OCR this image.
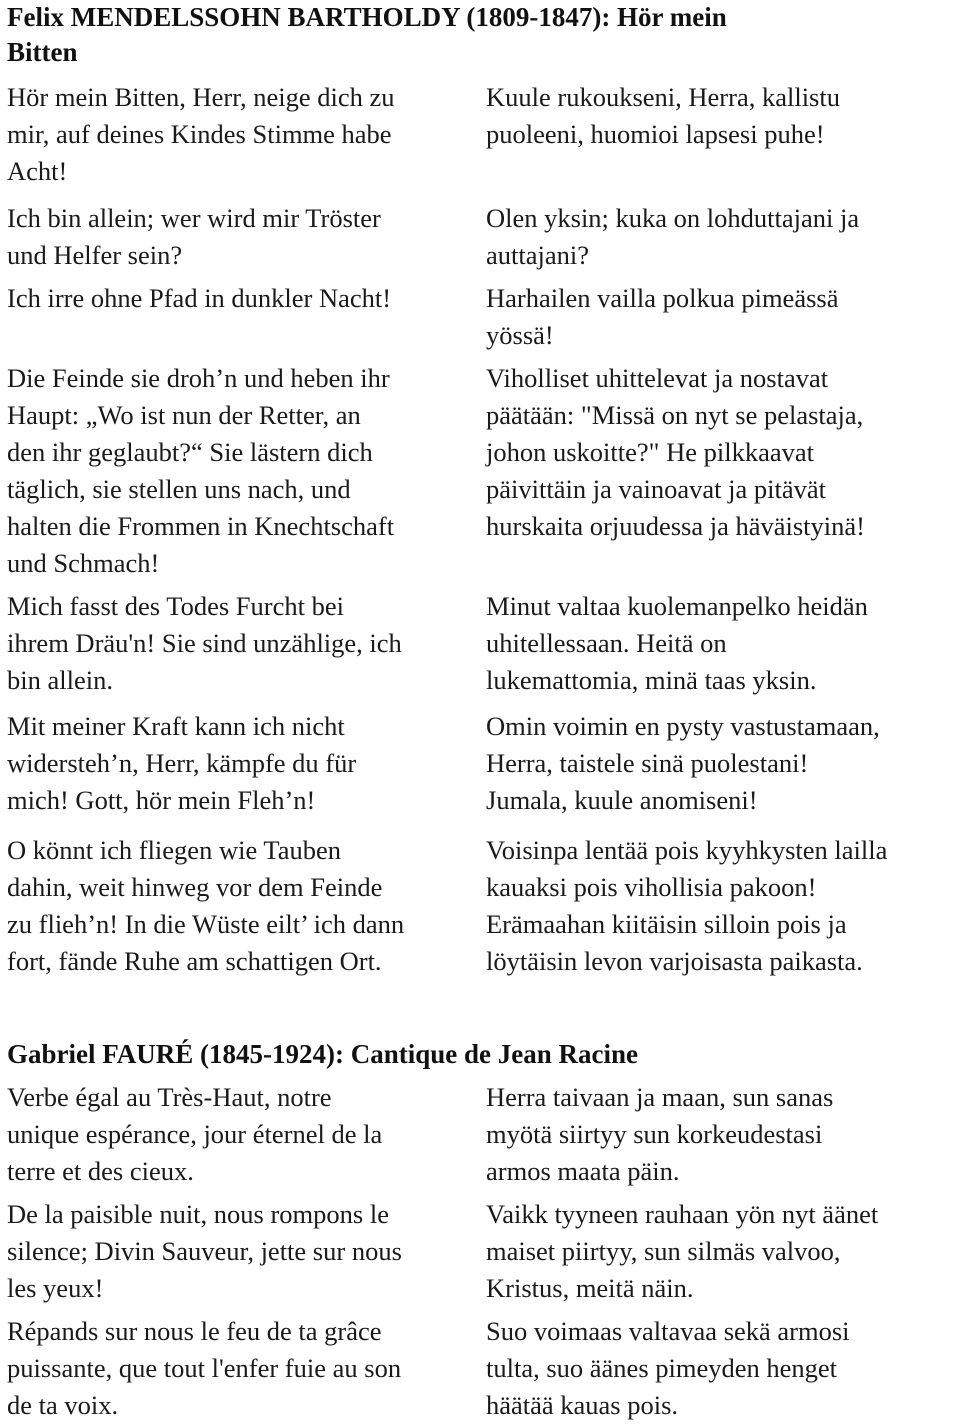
Felix MENDELSSOHN BARTHOLDY (1809-1847): Hör mein
Bitten
Hör mein Bitten, Herr, neige dich zu
mir, auf deines Kindes Stimme habe
Acht!
Kuule rukoukseni, Herra, kallistu
puoleeni, huomioi lapsesi puhe!
Ich bin allein; wer wird mir Tröster
und Helfer sein?
Olen yksin; kuka on lohduttajani ja
auttajani?
Ich irre ohne Pfad in dunkler Nacht!	Harhailen vailla polkua pimeässä
yössä!
Die Feinde sie droh’n und heben ihr
Haupt: „Wo ist nun der Retter, an
den ihr geglaubt?“ Sie lästern dich
täglich, sie stellen uns nach, und
halten die Frommen in Knechtschaft
und Schmach!
Viholliset uhittelevat ja nostavat
päätään: "Missä on nyt se pelastaja,
johon uskoitte?" He pilkkaavat
päivittäin ja vainoavat ja pitävät
hurskaita orjuudessa ja häväistyinä!
Mich fasst des Todes Furcht bei
ihrem Dräu'n! Sie sind unzählige, ich
bin allein.
Minut valtaa kuolemanpelko heidän
uhitellessaan. Heitä on
lukemattomia, minä taas yksin.
Mit meiner Kraft kann ich nicht
widersteh’n, Herr, kämpfe du für
mich! Gott, hör mein Fleh’n!
Omin voimin en pysty vastustamaan,
Herra, taistele sinä puolestani!
Jumala, kuule anomiseni!
O könnt ich fliegen wie Tauben
dahin, weit hinweg vor dem Feinde
zu flieh’n! In die Wüste eilt’ ich dann
fort, fände Ruhe am schattigen Ort.
Voisinpa lentää pois kyyhkysten lailla
kauaksi pois vihollisia pakoon!
Erämaahan kiitäisin silloin pois ja
löytäisin levon varjoisasta paikasta.
Gabriel FAURÉ (1845-1924): Cantique de Jean Racine
Verbe égal au Très-Haut, notre
unique espérance, jour éternel de la
terre et des cieux.
Herra taivaan ja maan, sun sanas
myötä siirtyy sun korkeudestasi
armos maata päin.
De la paisible nuit, nous rompons le
silence; Divin Sauveur, jette sur nous
les yeux!
Vaikk tyyneen rauhaan yön nyt äänet
maiset piirtyy, sun silmäs valvoo,
Kristus, meitä näin.
Répands sur nous le feu de ta grâce
puissante, que tout l'enfer fuie au son
de ta voix.
Suo voimaas valtavaa sekä armosi
tulta, suo äänes pimeyden henget
häätää kauas pois.
